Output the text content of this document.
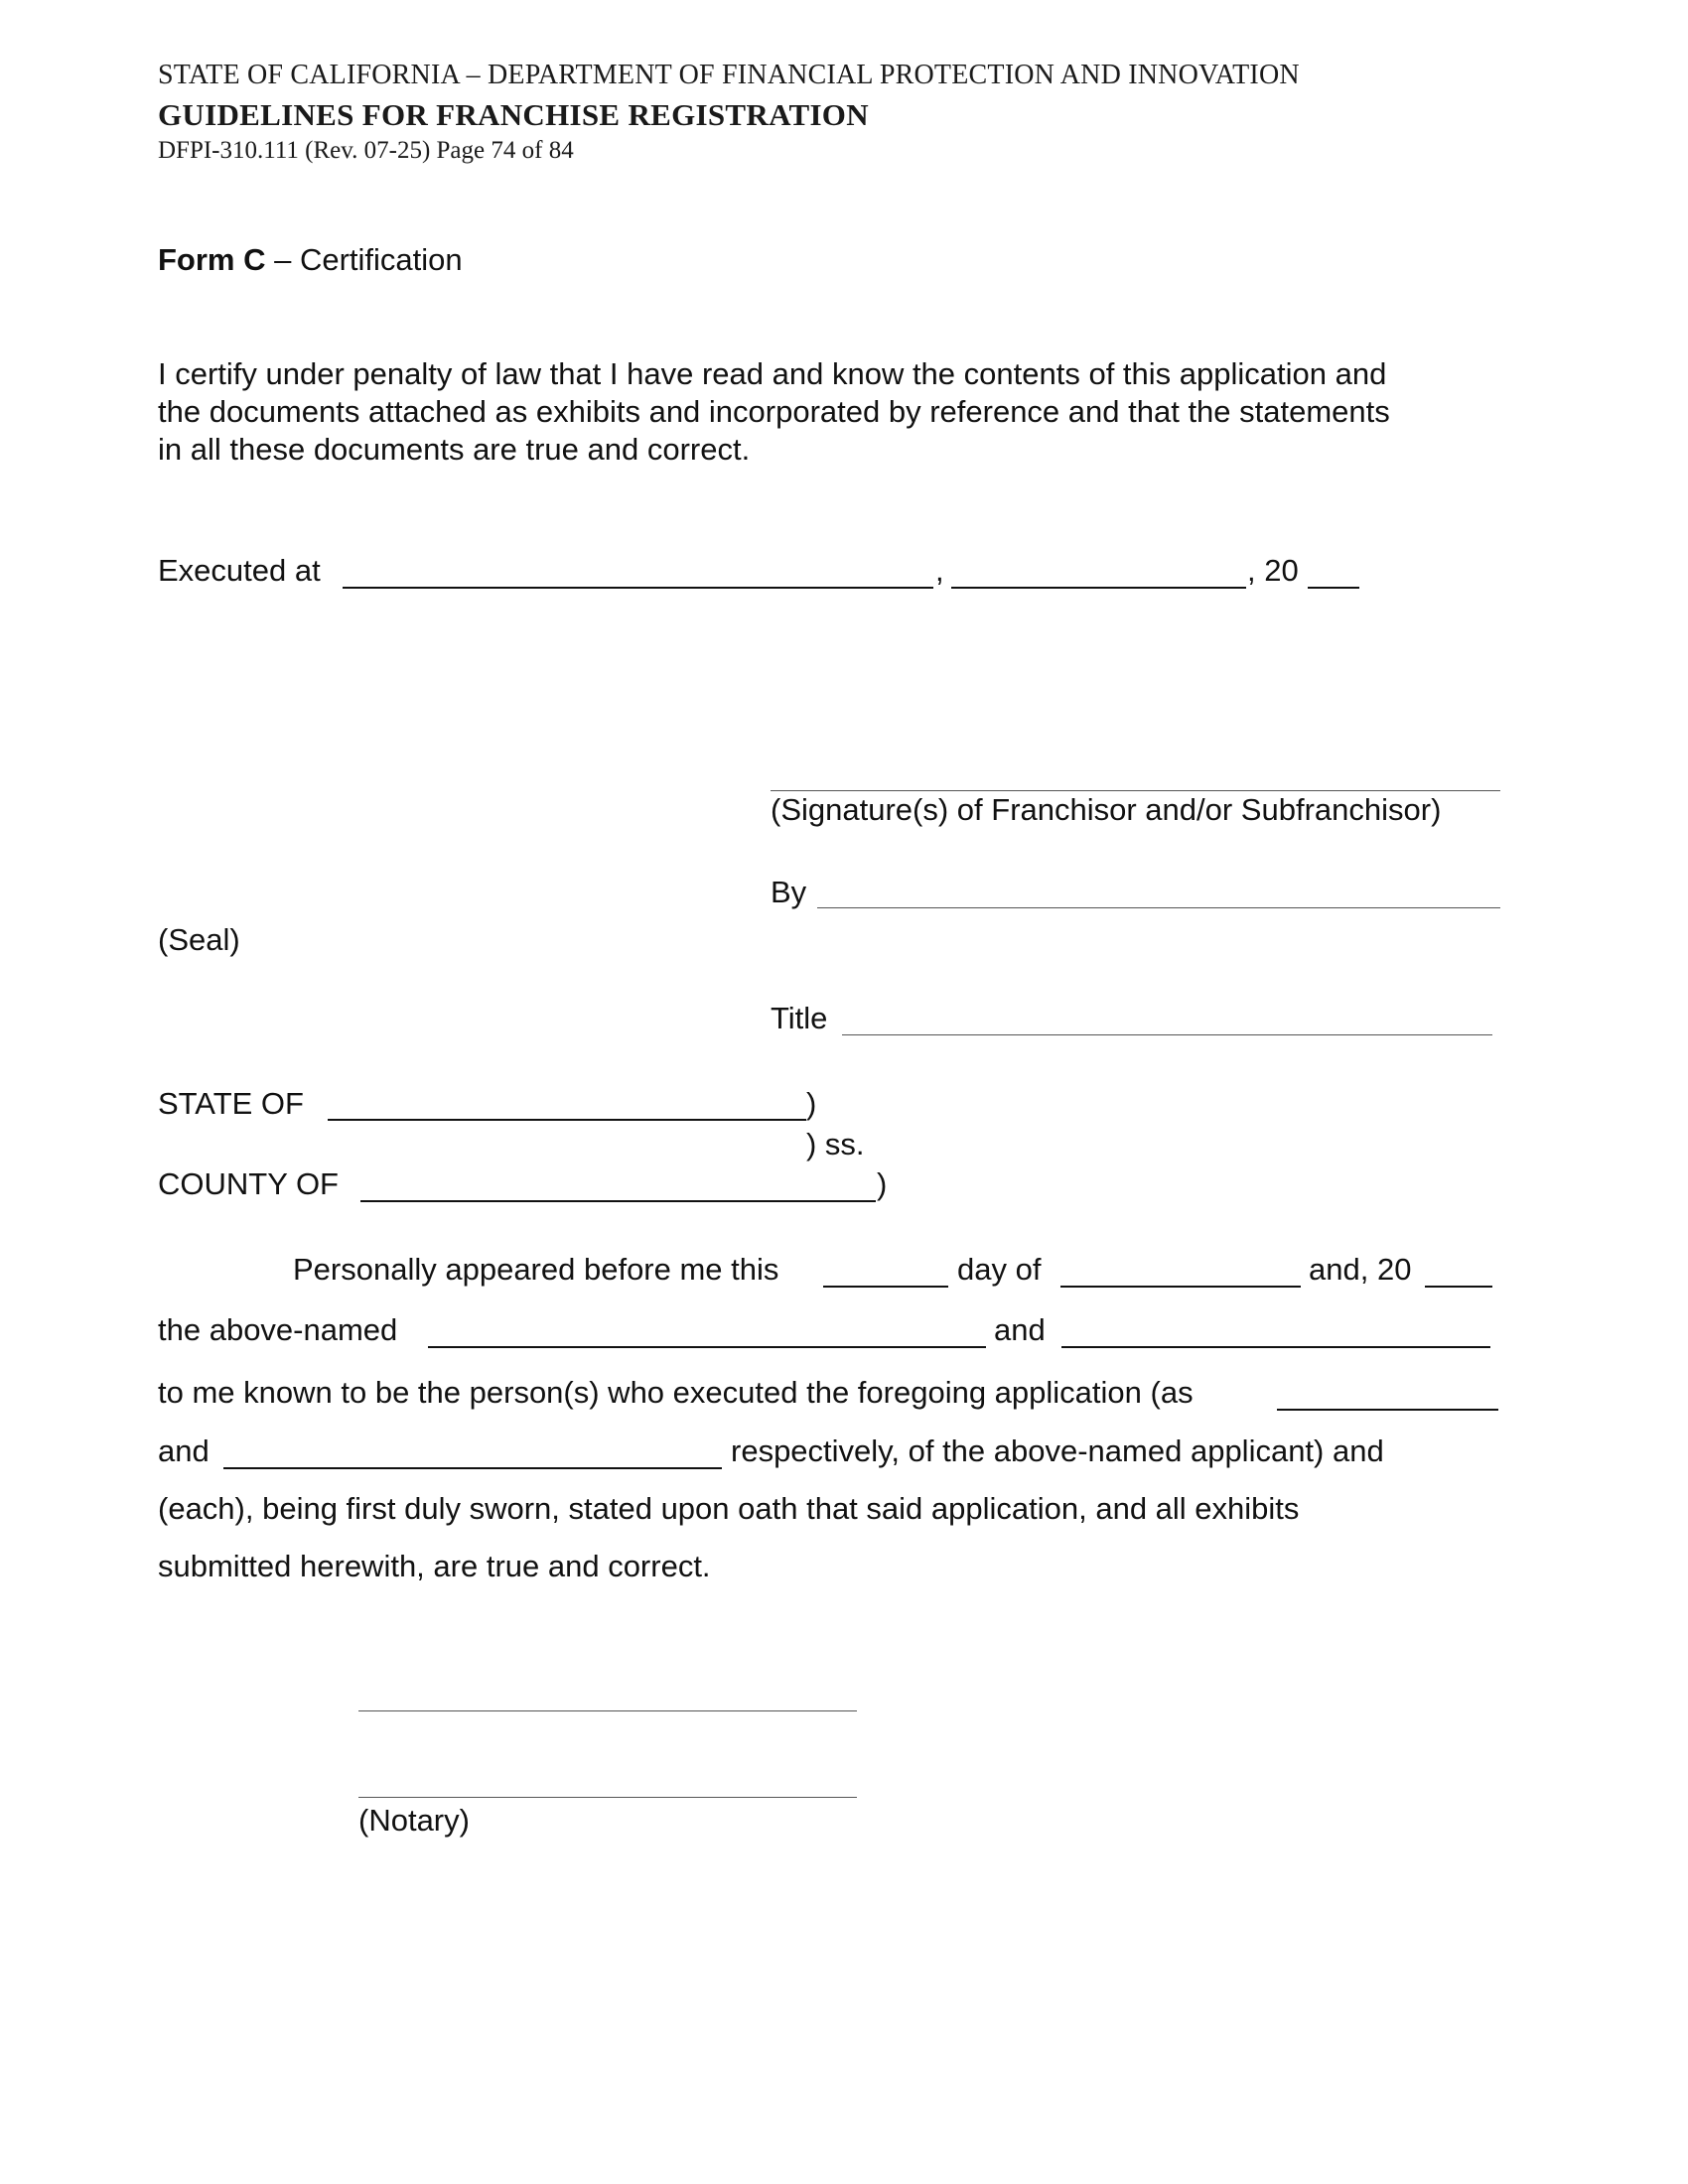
STATE OF CALIFORNIA – DEPARTMENT OF FINANCIAL PROTECTION AND INNOVATION
GUIDELINES FOR FRANCHISE REGISTRATION
DFPI-310.111 (Rev. 07-25) Page 74 of 84
Form C – Certification
I certify under penalty of law that I have read and know the contents of this application and
the documents attached as exhibits and incorporated by reference and that the statements
in all these documents are true and correct.
Executed at	,	, 20
(Signature(s) of Franchisor and/or Subfranchisor)
By
(Seal)
Title
STATE OF	)
) ss.
COUNTY OF	)
Personally appeared before me this	day of	and, 20
the above-named	and
to me known to be the person(s) who executed the foregoing application (as
and	respectively, of the above-named applicant) and
(each), being first duly sworn, stated upon oath that said application, and all exhibits
submitted herewith, are true and correct.
(Notary)
